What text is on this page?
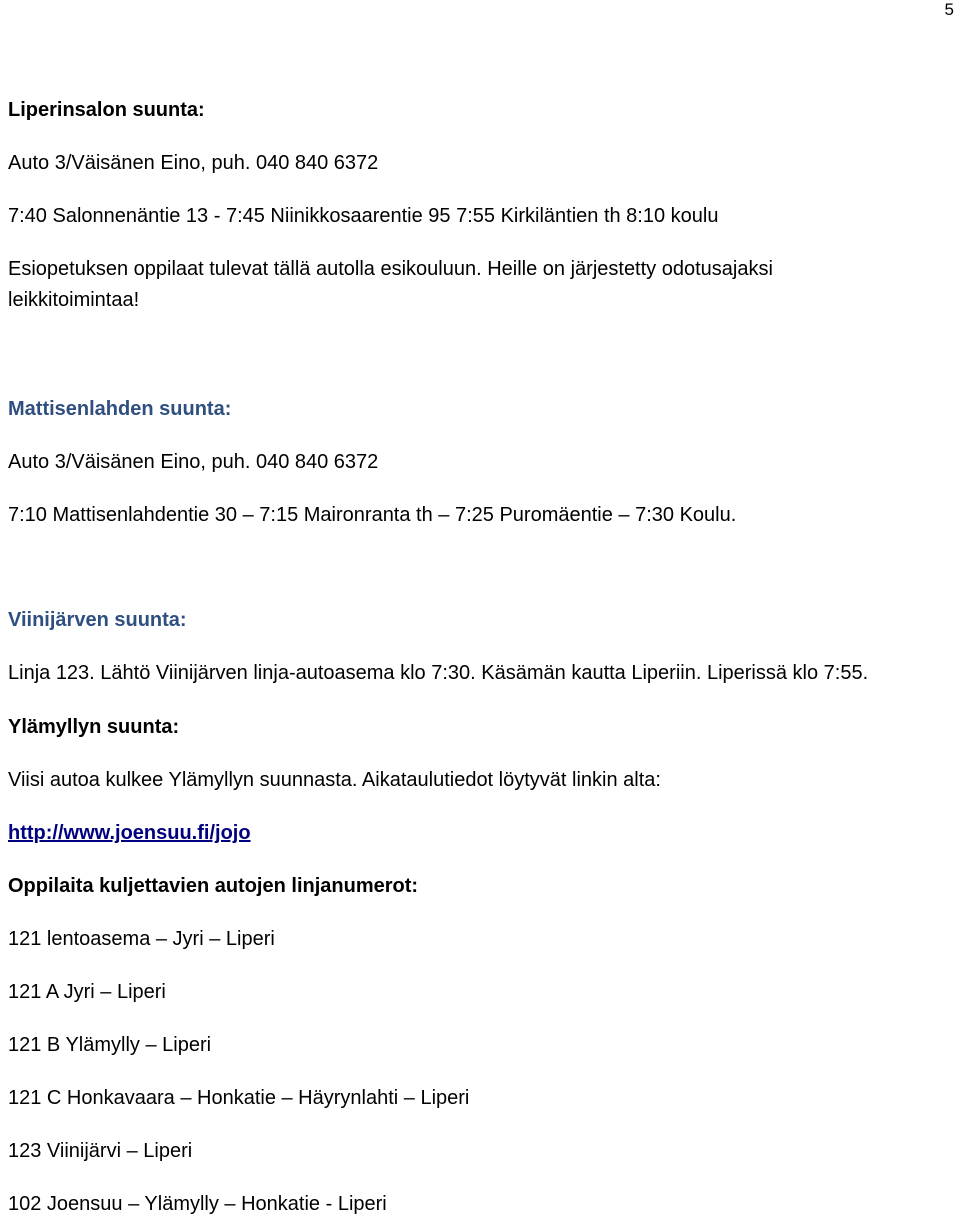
5
Liperinsalon suunta:
Auto 3/Väisänen Eino, puh. 040 840 6372
7:40 Salonnenäntie 13 - 7:45 Niinikkosaarentie 95 7:55 Kirkiläntien th 8:10 koulu
Esiopetuksen oppilaat tulevat tällä autolla esikouluun. Heille on järjestetty odotusajaksi
leikkitoimintaa!
Mattisenlahden suunta:
Auto 3/Väisänen Eino, puh. 040 840 6372
7:10 Mattisenlahdentie 30 – 7:15 Maironranta th – 7:25 Puromäentie – 7:30 Koulu.
Viinijärven suunta:
Linja 123. Lähtö Viinijärven linja-autoasema klo 7:30. Käsämän kautta Liperiin. Liperissä klo 7:55.
Ylämyllyn suunta:
Viisi autoa kulkee Ylämyllyn suunnasta. Aikataulutiedot löytyvät linkin alta:
http://www.joensuu.fi/jojo
Oppilaita kuljettavien autojen linjanumerot:
121 lentoasema – Jyri – Liperi
121 A Jyri – Liperi
121 B Ylämylly – Liperi
121 C Honkavaara – Honkatie – Häyrynlahti – Liperi
123 Viinijärvi – Liperi
102 Joensuu – Ylämylly – Honkatie - Liperi
